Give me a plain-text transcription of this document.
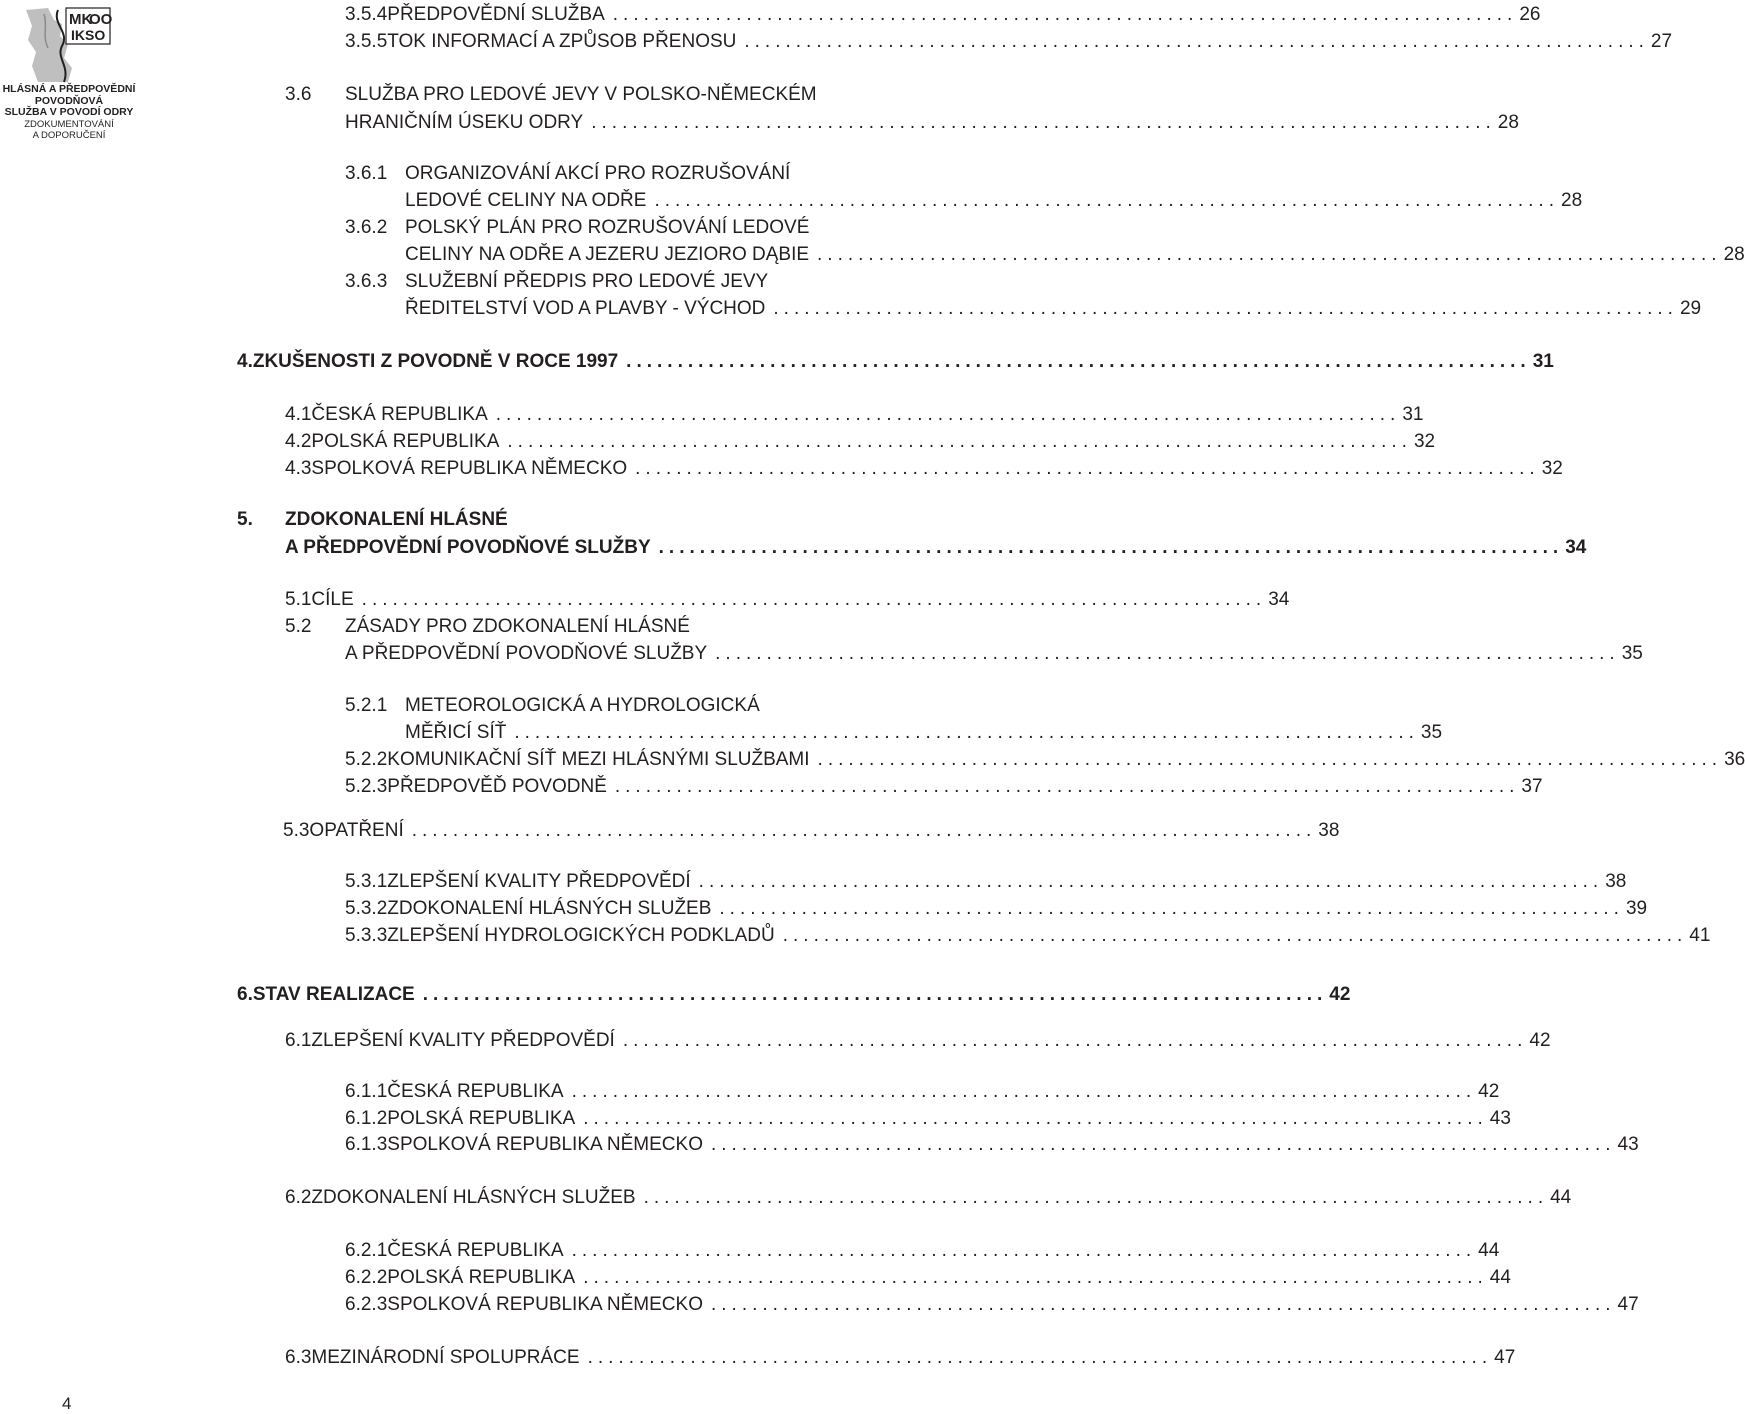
MK
OO
IKSO
HLÁSNÁ A PŘEDPOVĚDNÍ
POVODŇOVÁ
SLUŽBA V POVODÍ ODRY
ZDOKUMENTOVÁNÍ
A DOPORUČENÍ
3.5.4 PŘEDPOVĚDNÍ SLUŽBA ........................................................................................ 26
3.5.5 TOK INFORMACÍ A ZPŮSOB PŘENOSU ........................................................................................ 27
3.6	SLUŽBA PRO LEDOVÉ JEVY V POLSKO-NĚMECKÉM
HRANIČNÍM ÚSEKU ODRY ........................................................................................ 28
3.6.1 ORGANIZOVÁNÍ AKCÍ PRO ROZRUŠOVÁNÍ
LEDOVÉ CELINY NA ODŘE ........................................................................................ 28
3.6.2 POLSKÝ PLÁN PRO ROZRUŠOVÁNÍ LEDOVÉ
CELINY NA ODŘE A JEZERU JEZIORO DĄBIE ........................................................................................ 28
3.6.3 SLUŽEBNÍ PŘEDPIS PRO LEDOVÉ JEVY
ŘEDITELSTVÍ VOD A PLAVBY - VÝCHOD ........................................................................................ 29
4. ZKUŠENOSTI Z POVODNĚ V ROCE 1997 ........................................................................................ 31
4.1 ČESKÁ REPUBLIKA ........................................................................................ 31
4.2 POLSKÁ REPUBLIKA ........................................................................................ 32
4.3 SPOLKOVÁ REPUBLIKA NĚMECKO ........................................................................................ 32
5.	ZDOKONALENÍ HLÁSNÉ
A PŘEDPOVĚDNÍ POVODŇOVÉ SLUŽBY ........................................................................................ 34
5.1 CÍLE ........................................................................................ 34
5.2	ZÁSADY PRO ZDOKONALENÍ HLÁSNÉ
A PŘEDPOVĚDNÍ POVODŇOVÉ SLUŽBY ........................................................................................ 35
5.2.1 METEOROLOGICKÁ A HYDROLOGICKÁ
MĚŘICÍ SÍŤ ........................................................................................ 35
5.2.2 KOMUNIKAČNÍ SÍŤ MEZI HLÁSNÝMI SLUŽBAMI ........................................................................................ 36
5.2.3 PŘEDPOVĚĎ POVODNĚ ........................................................................................ 37
5.3 OPATŘENÍ ........................................................................................ 38
5.3.1 ZLEPŠENÍ KVALITY PŘEDPOVĚDÍ ........................................................................................ 38
5.3.2 ZDOKONALENÍ HLÁSNÝCH SLUŽEB ........................................................................................ 39
5.3.3 ZLEPŠENÍ HYDROLOGICKÝCH PODKLADŮ ........................................................................................ 41
6. STAV REALIZACE ........................................................................................ 42
6.1 ZLEPŠENÍ KVALITY PŘEDPOVĚDÍ ........................................................................................ 42
6.1.1 ČESKÁ REPUBLIKA ........................................................................................ 42
6.1.2 POLSKÁ REPUBLIKA ........................................................................................ 43
6.1.3 SPOLKOVÁ REPUBLIKA NĚMECKO ........................................................................................ 43
6.2 ZDOKONALENÍ HLÁSNÝCH SLUŽEB ........................................................................................ 44
6.2.1 ČESKÁ REPUBLIKA ........................................................................................ 44
6.2.2 POLSKÁ REPUBLIKA ........................................................................................ 44
6.2.3 SPOLKOVÁ REPUBLIKA NĚMECKO ........................................................................................ 47
6.3 MEZINÁRODNÍ SPOLUPRÁCE ........................................................................................ 47
4
